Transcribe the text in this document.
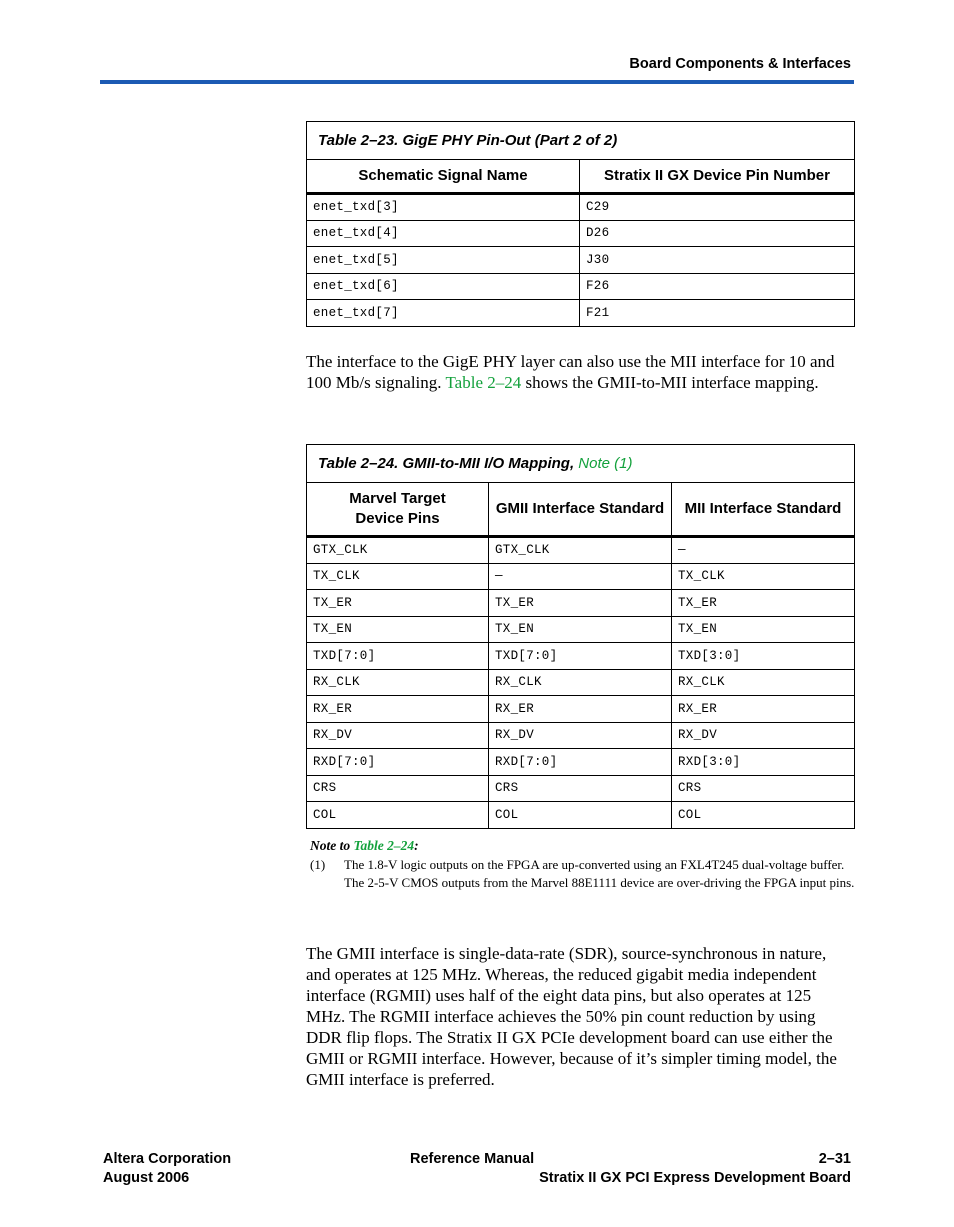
Board Components & Interfaces
Table 2–23. GigE PHY Pin-Out (Part 2 of 2)	
Schematic Signal Name	Stratix II GX Device Pin Number
enet_txd[3]	C29
enet_txd[4]	D26
enet_txd[5]	J30
enet_txd[6]	F26
enet_txd[7]	F21

The interface to the GigE PHY layer can also use the MII interface for 10 and 100 Mb/s signaling. Table 2–24 shows the GMII-to-MII interface mapping.

Table 2–24. GMII-to-MII I/O Mapping, Note (1)		

Marvel Target Device Pins	GMII Interface Standard	MII Interface Standard
GTX_CLK	GTX_CLK	—
TX_CLK	—	TX_CLK
TX_ER	TX_ER	TX_ER
TX_EN	TX_EN	TX_EN
TXD[7:0]	TXD[7:0]	TXD[3:0]
RX_CLK	RX_CLK	RX_CLK
RX_ER	RX_ER	RX_ER
RX_DV	RX_DV	RX_DV
RXD[7:0]	RXD[7:0]	RXD[3:0]
CRS	CRS	CRS
COL	COL	COL
Note to Table 2–24:
(1)	The 1.8-V logic outputs on the FPGA are up-converted using an FXL4T245 dual-voltage buffer. The 2-5-V CMOS outputs from the Marvel 88E1111 device are over-driving the FPGA input pins.

The GMII interface is single-data-rate (SDR), source-synchronous in nature, and operates at 125 MHz. Whereas, the reduced gigabit media independent interface (RGMII) uses half of the eight data pins, but also operates at 125 MHz. The RGMII interface achieves the 50% pin count reduction by using DDR flip flops. The Stratix II GX PCIe development board can use either the GMII or RGMII interface. However, because of it’s simpler timing model, the GMII interface is preferred.

Altera Corporation
August 2006
Reference Manual	2–31
Stratix II GX PCI Express Development Board
